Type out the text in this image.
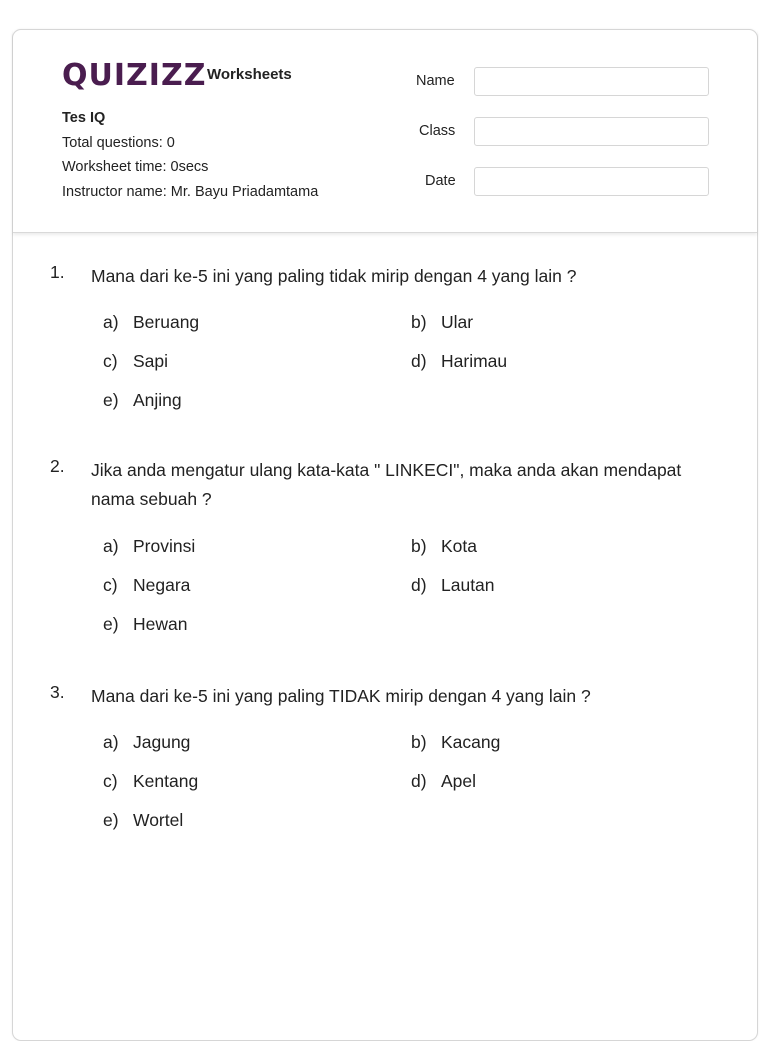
QUIZIZZ Worksheets
Tes IQ
Total questions: 0
Worksheet time: 0secs
Instructor name: Mr. Bayu Priadamtama
Name
Class
Date
1. Mana dari ke-5 ini yang paling tidak mirip dengan 4 yang lain ?
a) Beruang	b) Ular
c) Sapi	d) Harimau
e) Anjing
2. Jika anda mengatur ulang kata-kata " LINKECI", maka anda akan mendapat nama sebuah ?
a) Provinsi	b) Kota
c) Negara	d) Lautan
e) Hewan
3. Mana dari ke-5 ini yang paling TIDAK mirip dengan 4 yang lain ?
a) Jagung	b) Kacang
c) Kentang	d) Apel
e) Wortel
